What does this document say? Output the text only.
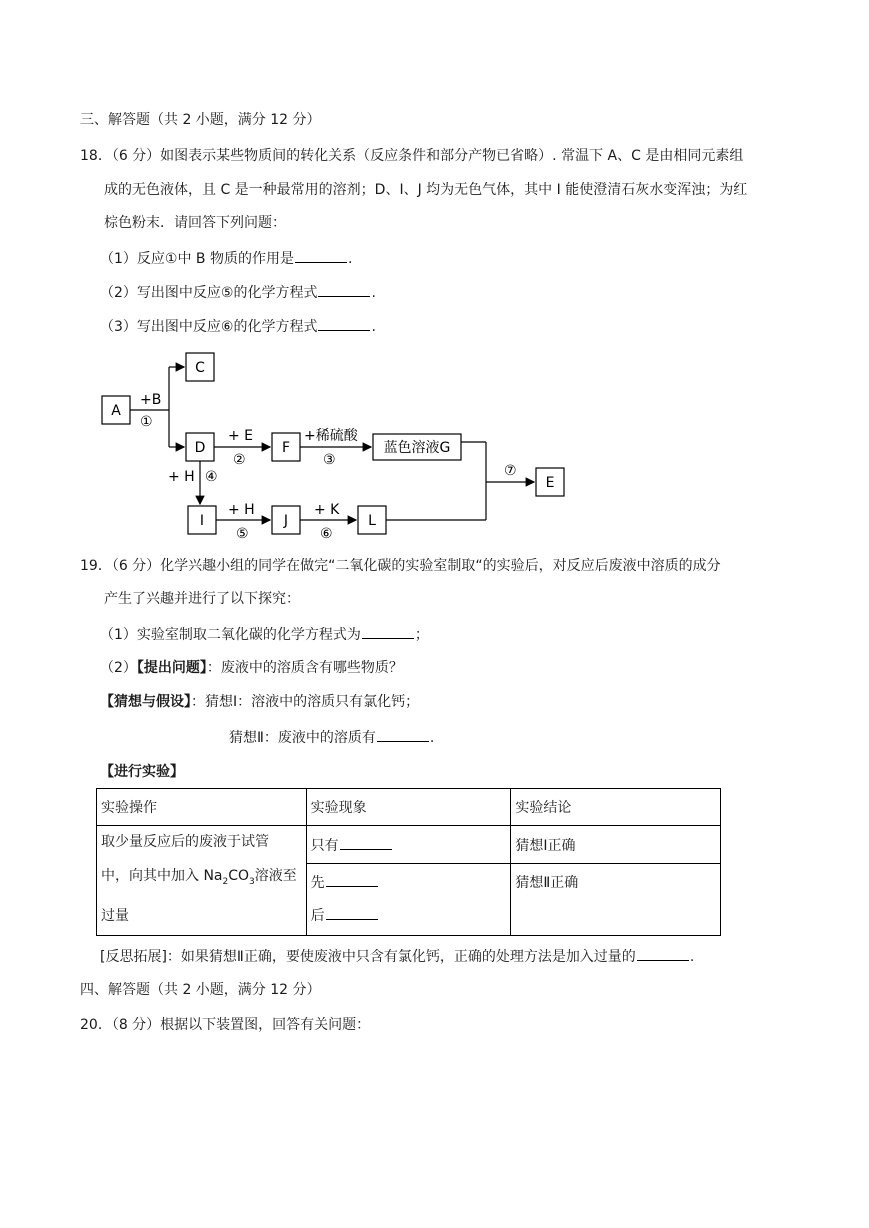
三、解答题（共 2 小题，满分 12 分）
18．（6 分）如图表示某些物质间的转化关系（反应条件和部分产物已省略）. 常温下 A、C 是由相同元素组
成的无色液体，且 C 是一种最常用的溶剂；D、I、J 均为无色气体，其中 I 能使澄清石灰水变浑浊；为红
棕色粉末．请回答下列问题：
（1）反应①中 B 物质的作用是	.
（2）写出图中反应⑤的化学方程式	.
（3）写出图中反应⑥的化学方程式	.
A
C
D	F	蓝色溶液G
E
I	J	L
+B
①
+ E
②
+稀硫酸
③
+ H ④
+ H
⑤
+ K
⑥
⑦
19．（6 分）化学兴趣小组的同学在做完“二氧化碳的实验室制取“的实验后，对反应后废液中溶质的成分
产生了兴趣并进行了以下探究：
（1）实验室制取二氧化碳的化学方程式为	；
（2）【提出问题】：废液中的溶质含有哪些物质？
【猜想与假设】：猜想Ⅰ：溶液中的溶质只有氯化钙；
猜想Ⅱ：废液中的溶质有	.
【进行实验】
实验操作	实验现象	实验结论

取少量反应后的废液于试管
中，向其中加入 $Na_2CO_3$溶液至
过量	只有	猜想Ⅰ正确

	先
后	猜想Ⅱ正确
[反思拓展]：如果猜想Ⅱ正确，要使废液中只含有氯化钙，正确的处理方法是加入过量的	.
四、解答题（共 2 小题，满分 12 分）
20．（8 分）根据以下装置图，回答有关问题：
